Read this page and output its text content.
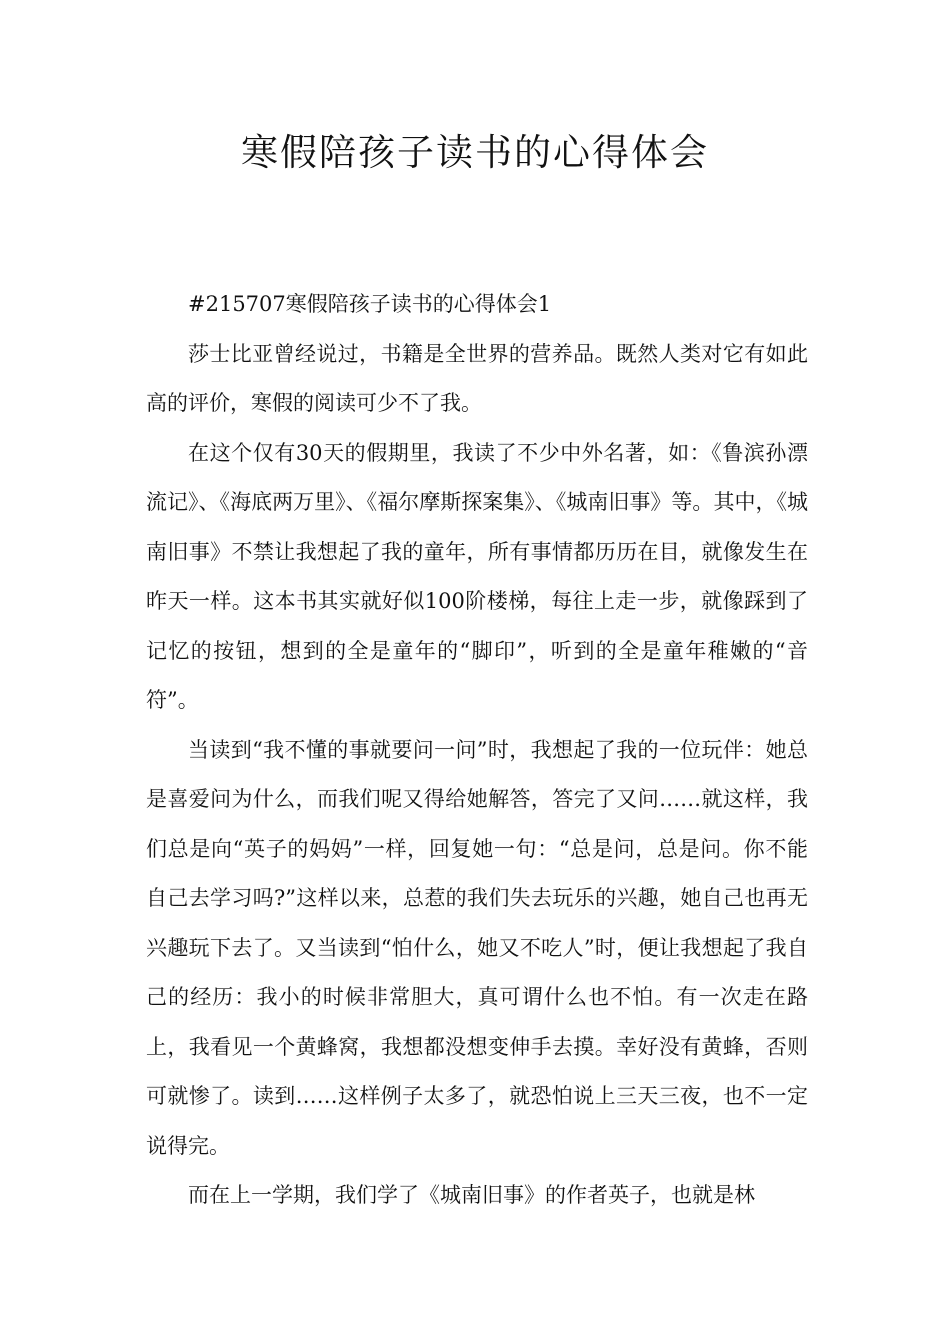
寒假陪孩子读书的心得体会

#215707寒假陪孩子读书的心得体会1

莎士比亚曾经说过，书籍是全世界的营养品。既然人类对它有如此高的评价，寒假的阅读可少不了我。

在这个仅有30天的假期里，我读了不少中外名著，如：《鲁滨孙漂流记》、《海底两万里》、《福尔摩斯探案集》、《城南旧事》等。其中，《城南旧事》不禁让我想起了我的童年，所有事情都历历在目，就像发生在昨天一样。这本书其实就好似100阶楼梯，每往上走一步，就像踩到了记忆的按钮，想到的全是童年的“脚印”，听到的全是童年稚嫩的“音符”。

当读到“我不懂的事就要问一问”时，我想起了我的一位玩伴：她总是喜爱问为什么，而我们呢又得给她解答，答完了又问……就这样，我们总是向“英子的妈妈”一样，回复她一句：“总是问，总是问。你不能自己去学习吗?”这样以来，总惹的我们失去玩乐的兴趣，她自己也再无兴趣玩下去了。又当读到“怕什么，她又不吃人”时，便让我想起了我自己的经历：我小的时候非常胆大，真可谓什么也不怕。有一次走在路上，我看见一个黄蜂窝，我想都没想变伸手去摸。幸好没有黄蜂，否则可就惨了。读到……这样例子太多了，就恐怕说上三天三夜，也不一定说得完。

而在上一学期，我们学了《城南旧事》的作者英子，也就是林
